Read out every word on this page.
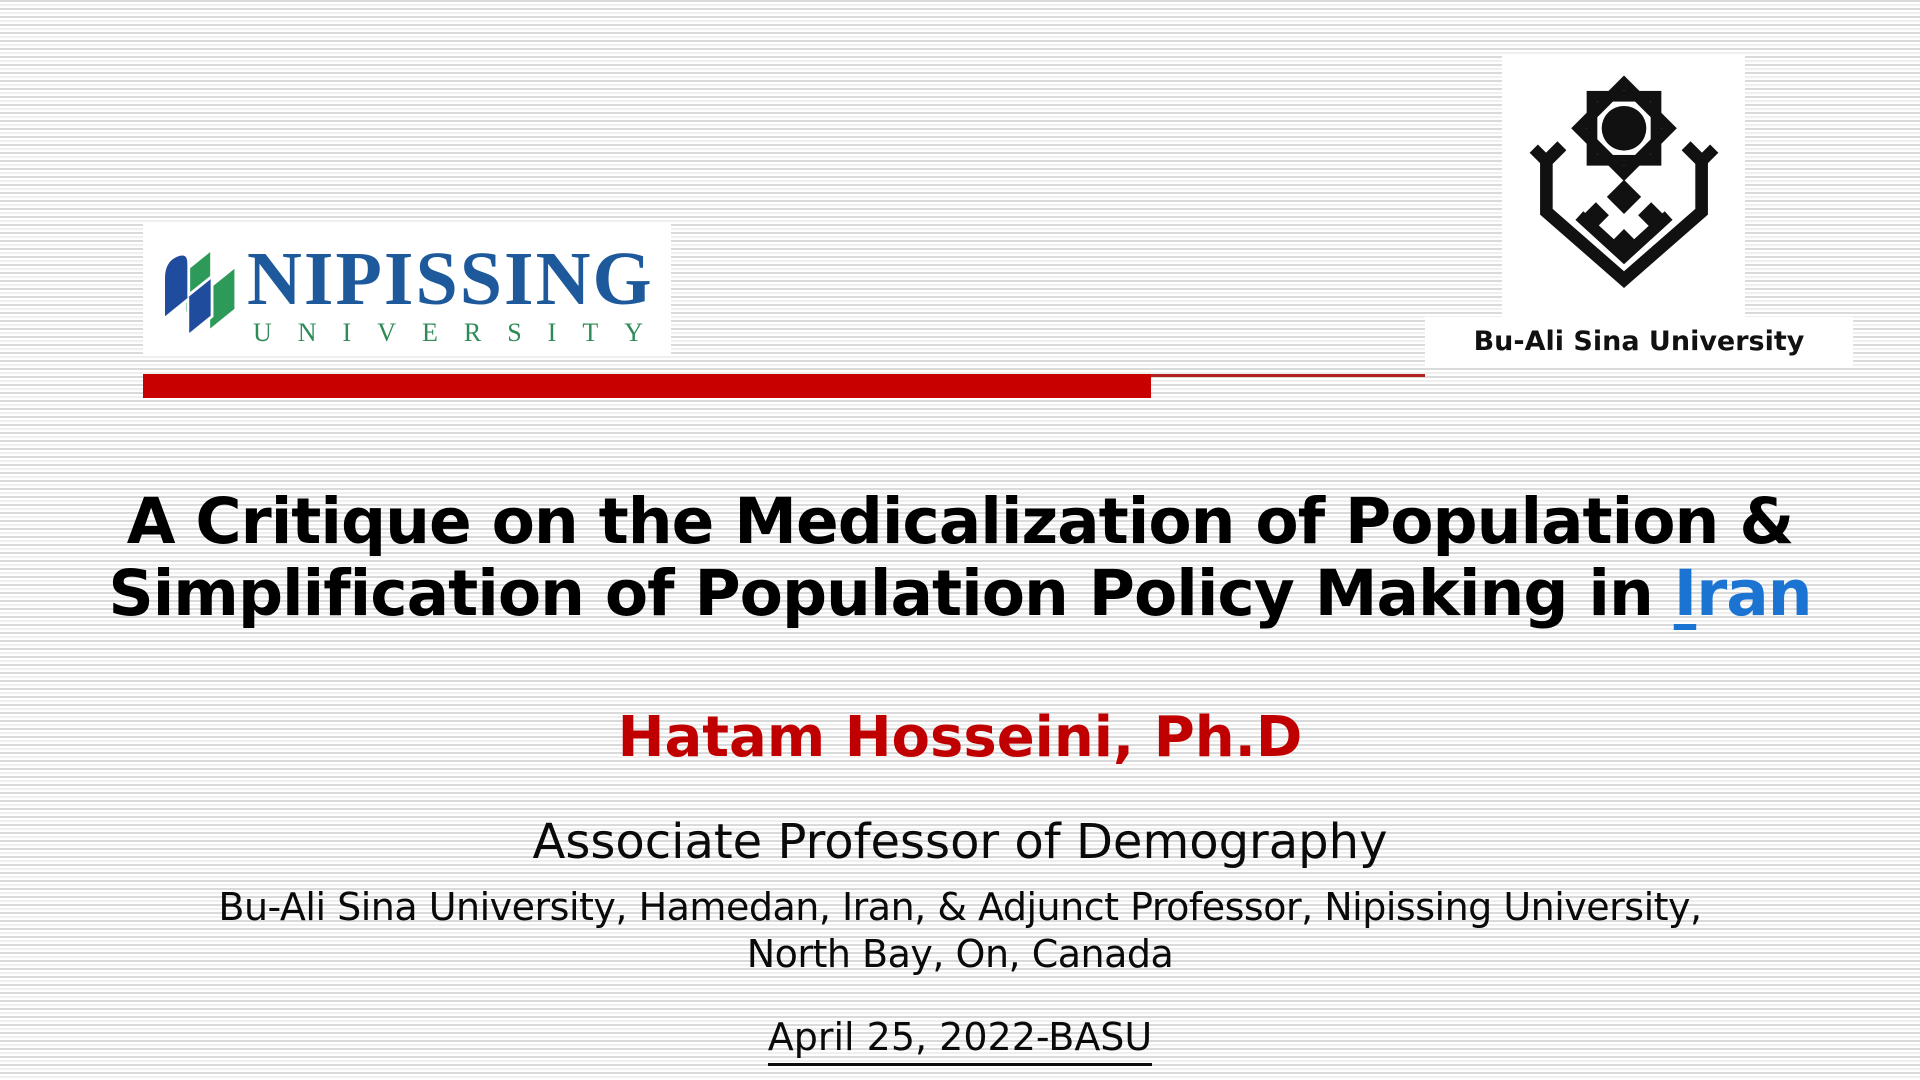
NIPISSING
UNIVERSITY	Bu-Ali Sina University
A Critique on the Medicalization of Population &
Simplification of Population Policy Making in Iran
Hatam Hosseini, Ph.D
Associate Professor of Demography
Bu-Ali Sina University, Hamedan, Iran, & Adjunct Professor, Nipissing University,
North Bay, On, Canada
April 25, 2022-BASU
